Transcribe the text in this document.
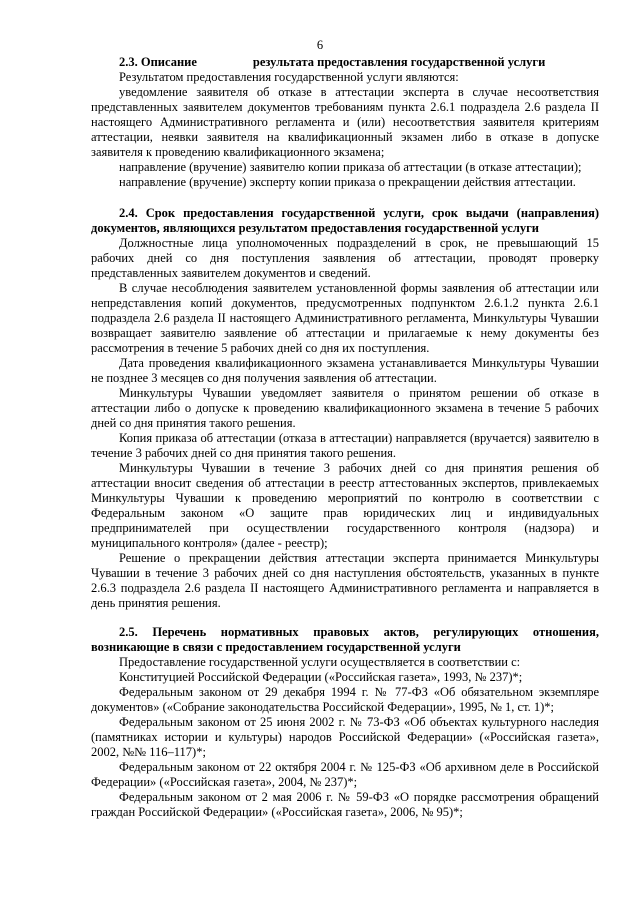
6

2.3. Описание	результата предоставления государственной услуги

Результатом предоставления государственной услуги являются:

уведомление заявителя об отказе в аттестации эксперта в случае несоответствия представленных заявителем документов требованиям пункта 2.6.1 подраздела 2.6 раздела II настоящего Административного регламента и (или) несоответствия заявителя критериям аттестации, неявки заявителя на квалификационный экзамен либо в отказе в допуске заявителя к проведению квалификационного экзамена;

направление (вручение) заявителю копии приказа об аттестации (в отказе аттестации);

направление (вручение) эксперту копии приказа о прекращении действия аттестации.

2.4. Срок предоставления государственной услуги, срок выдачи (направления) документов, являющихся результатом предоставления государственной услуги

Должностные лица уполномоченных подразделений в срок, не превышающий 15 рабочих дней со дня поступления заявления об аттестации, проводят проверку представленных заявителем документов и сведений.

В случае несоблюдения заявителем установленной формы заявления об аттестации или непредставления копий документов, предусмотренных подпунктом 2.6.1.2 пункта 2.6.1 подраздела 2.6 раздела II настоящего Административного регламента, Минкультуры Чувашии возвращает заявителю заявление об аттестации и прилагаемые к нему документы без рассмотрения в течение 5 рабочих дней со дня их поступления.

Дата проведения квалификационного экзамена устанавливается Минкультуры Чувашии не позднее 3 месяцев со дня получения заявления об аттестации.

Минкультуры Чувашии уведомляет заявителя о принятом решении об отказе в аттестации либо о допуске к проведению квалификационного экзамена в течение 5 рабочих дней со дня принятия такого решения.

Копия приказа об аттестации (отказа в аттестации) направляется (вручается) заявителю в течение 3 рабочих дней со дня принятия такого решения.

Минкультуры Чувашии в течение 3 рабочих дней со дня принятия решения об аттестации вносит сведения об аттестации в реестр аттестованных экспертов, привлекаемых Минкультуры Чувашии к проведению мероприятий по контролю в соответствии с Федеральным законом «О защите прав юридических лиц и индивидуальных предпринимателей при осуществлении государственного контроля (надзора) и муниципального контроля» (далее - реестр);

Решение о прекращении действия аттестации эксперта принимается Минкультуры Чувашии в течение 3 рабочих дней со дня наступления обстоятельств, указанных в пункте 2.6.3 подраздела 2.6 раздела II настоящего Административного регламента и направляется в день принятия решения.

2.5. Перечень нормативных правовых актов, регулирующих отношения, возникающие в связи с предоставлением государственной услуги

Предоставление государственной услуги осуществляется в соответствии с:

Конституцией Российской Федерации («Российская газета», 1993, № 237)*;

Федеральным законом от 29 декабря 1994 г. № 77-ФЗ «Об обязательном экземпляре документов» («Собрание законодательства Российской Федерации», 1995, № 1, ст. 1)*;

Федеральным законом от 25 июня 2002 г. № 73-ФЗ «Об объектах культурного наследия (памятниках истории и культуры) народов Российской Федерации» («Российская газета», 2002, №№ 116–117)*;

Федеральным законом от 22 октября 2004 г. № 125-ФЗ «Об архивном деле в Российской Федерации» («Российская газета», 2004, № 237)*;

Федеральным законом от 2 мая 2006 г. № 59-ФЗ «О порядке рассмотрения обращений граждан Российской Федерации» («Российская газета», 2006, № 95)*;
